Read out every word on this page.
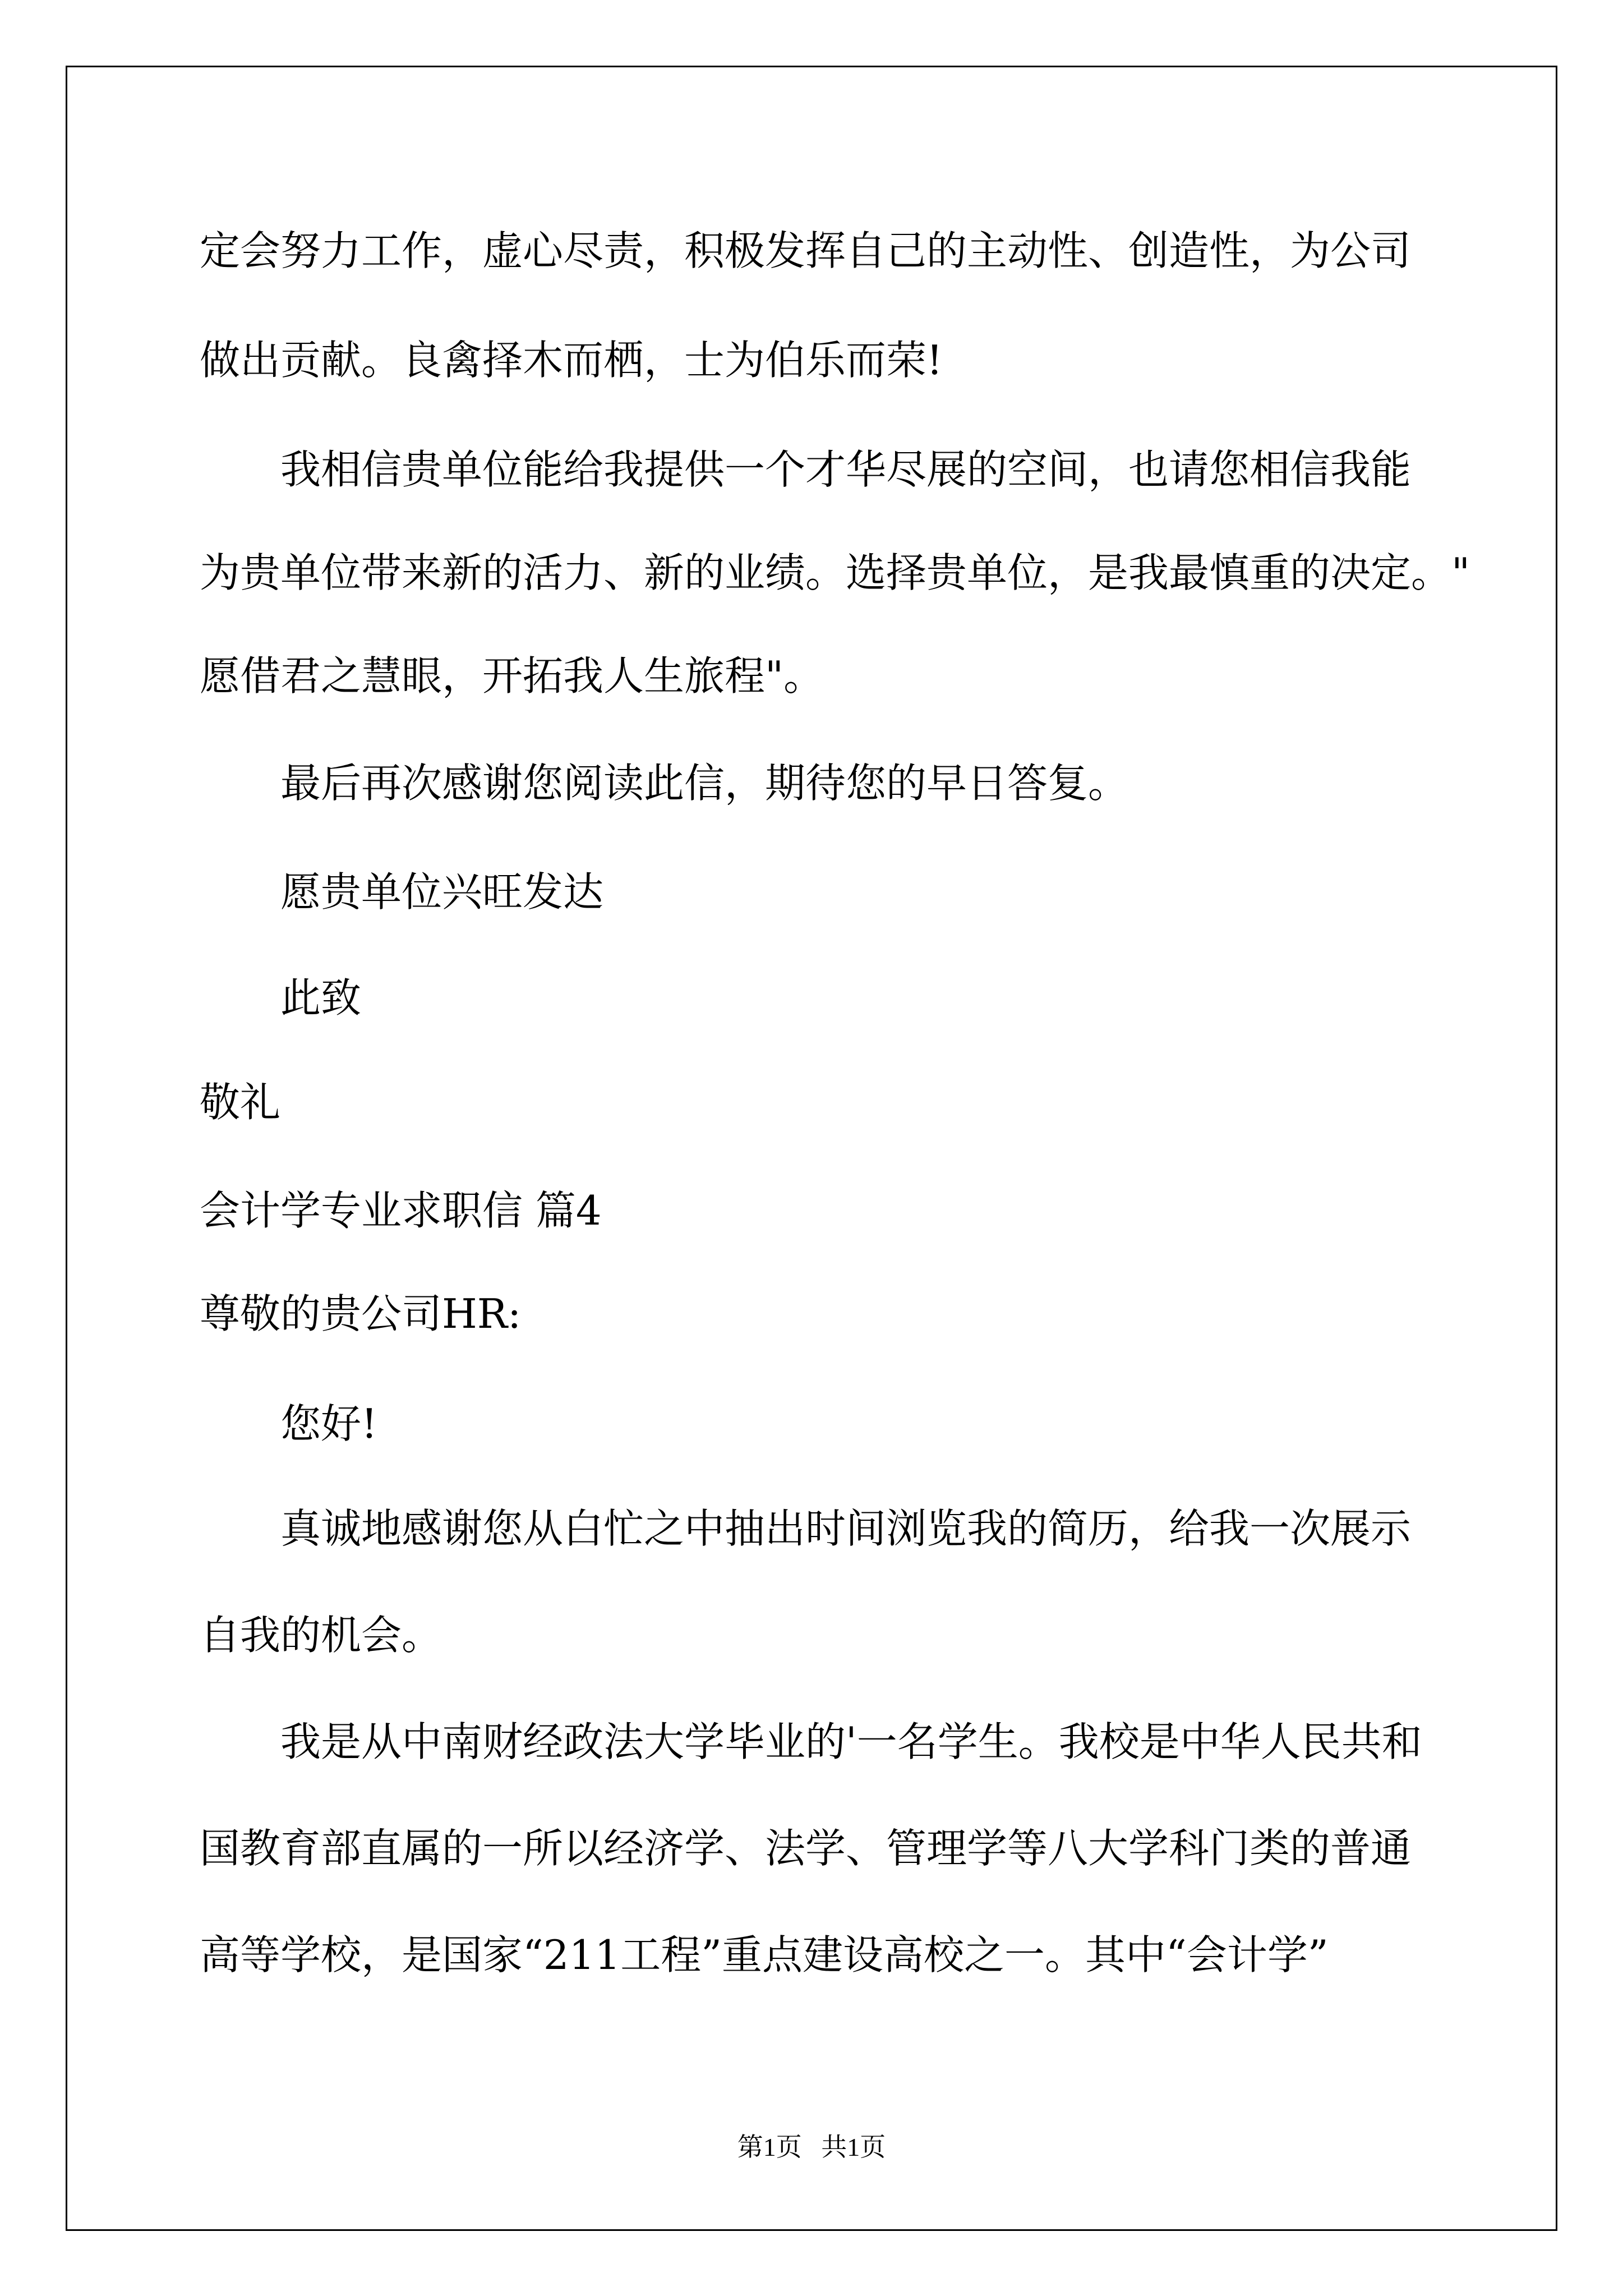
定会努力工作，虚心尽责，积极发挥自己的主动性、创造性，为公司
做出贡献。良禽择木而栖，士为伯乐而荣!
我相信贵单位能给我提供一个才华尽展的空间，也请您相信我能
为贵单位带来新的活力、新的业绩。选择贵单位，是我最慎重的决定。"
愿借君之慧眼，开拓我人生旅程"。
最后再次感谢您阅读此信，期待您的早日答复。
愿贵单位兴旺发达
此致
敬礼
会计学专业求职信 篇4
尊敬的贵公司HR:
您好!
真诚地感谢您从白忙之中抽出时间浏览我的简历，给我一次展示
自我的机会。
我是从中南财经政法大学毕业的'一名学生。我校是中华人民共和
国教育部直属的一所以经济学、法学、管理学等八大学科门类的普通
高等学校，是国家“211工程”重点建设高校之一。其中“会计学”
第1页   共1页
